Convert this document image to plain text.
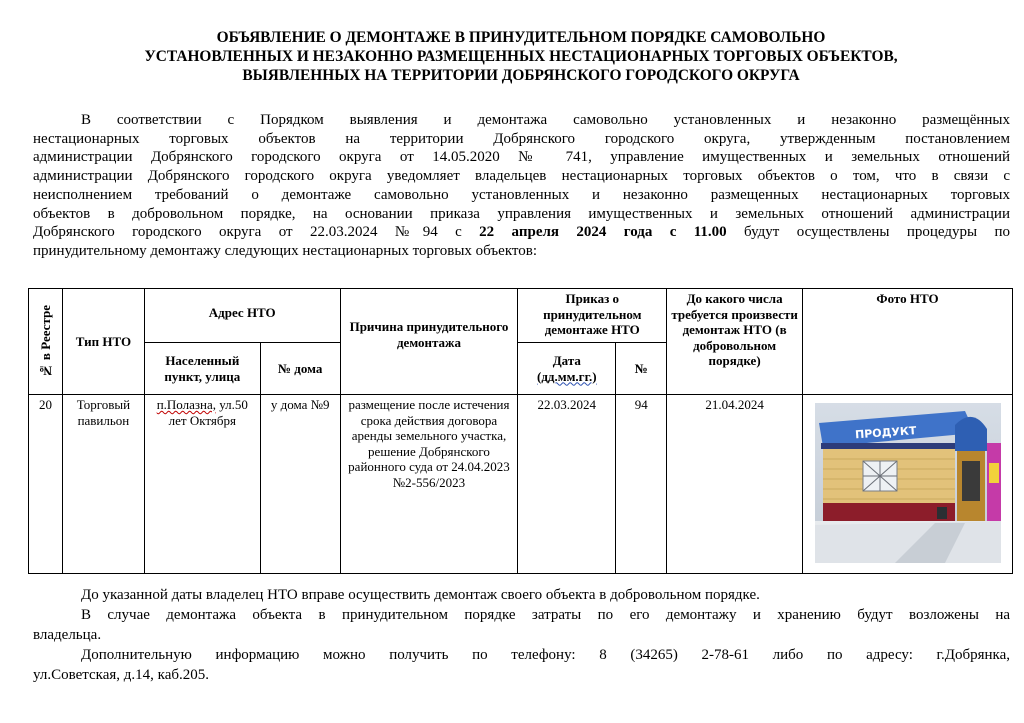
ОБЪЯВЛЕНИЕ О ДЕМОНТАЖЕ В ПРИНУДИТЕЛЬНОМ ПОРЯДКЕ САМОВОЛЬНО
УСТАНОВЛЕННЫХ И НЕЗАКОННО РАЗМЕЩЕННЫХ НЕСТАЦИОНАРНЫХ ТОРГОВЫХ ОБЪЕКТОВ,
ВЫЯВЛЕННЫХ НА ТЕРРИТОРИИ ДОБРЯНСКОГО ГОРОДСКОГО ОКРУГА
В соответствии с Порядком выявления и демонтажа самовольно установленных и незаконно размещённых
нестационарных торговых объектов на территории Добрянского городского округа, утвержденным постановлением
администрации Добрянского городского округа от 14.05.2020 № 741, управление имущественных и земельных отношений
администрации Добрянского городского округа уведомляет владельцев нестационарных торговых объектов о том, что в связи с
неисполнением требований о демонтаже самовольно установленных и незаконно размещенных нестационарных торговых
объектов в добровольном порядке, на основании приказа управления имущественных и земельных отношений администрации
Добрянского городского округа от 22.03.2024 №94 с 22 апреля 2024 года с 11.00 будут осуществлены процедуры по
принудительному демонтажу следующих нестационарных торговых объектов:
№ в Реестре	Тип НТО	Адрес НТО		Причина принудительного демонтажа	Приказ о принудительном демонтаже НТО		До какого числа требуется произвести демонтаж НТО (в добровольном порядке)	Фото НТО
		Населенный пункт, улица	№ дома		Дата
(дд.мм.гг.)	№		
20	Торговый павильон	п.Полазна, ул.50 лет Октября	у дома №9	размещение после истечения срока действия договора аренды земельного участка, решение Добрянского районного суда от 24.04.2023 №2-556/2023	22.03.2024	94	21.04.2024	ПРОДУКТ
До указанной даты владелец НТО вправе осуществить демонтаж своего объекта в добровольном порядке.
В случае демонтажа объекта в принудительном порядке затраты по его демонтажу и хранению будут возложены на
владельца.
Дополнительную информацию можно получить по телефону: 8 (34265) 2-78-61 либо по адресу: г.Добрянка,
ул.Советская, д.14, каб.205.
